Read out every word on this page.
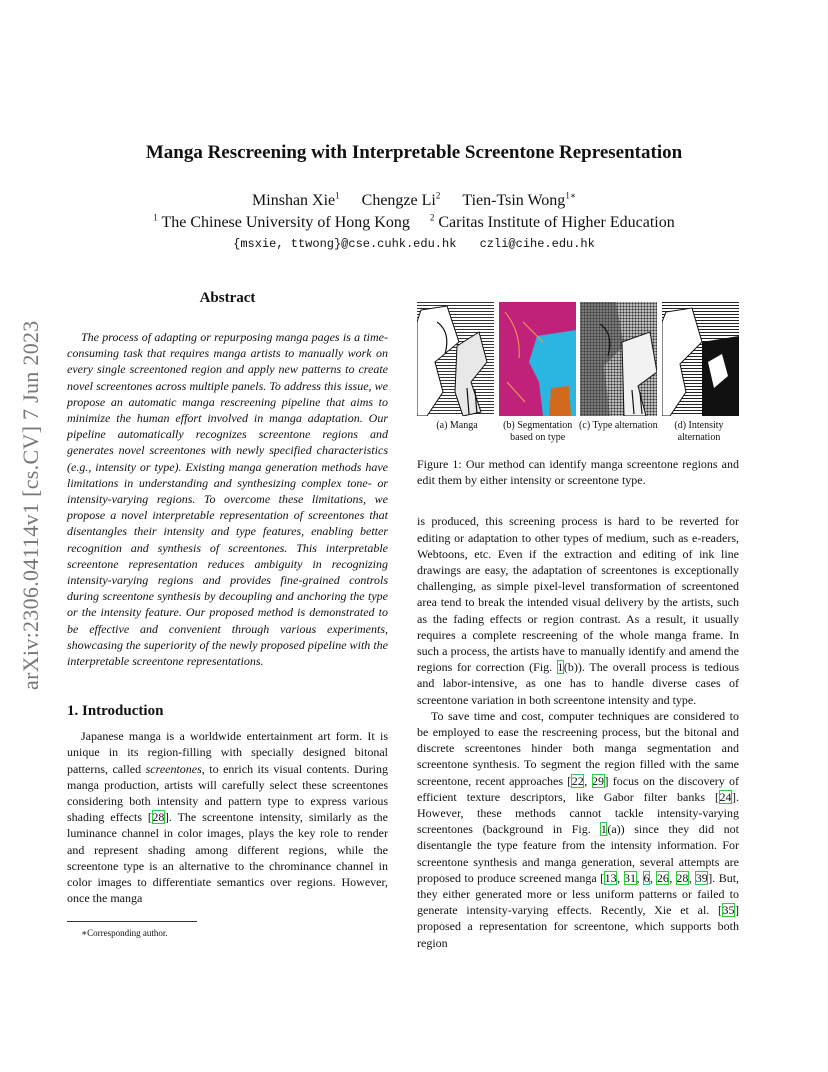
arXiv:2306.04114v1 [cs.CV] 7 Jun 2023
Manga Rescreening with Interpretable Screentone Representation
Minshan Xie$^1$ Chengze Li$^2$ Tien-Tsin Wong$^{1∗}$
$^1$ The Chinese University of Hong Kong $^2$ Caritas Institute of Higher Education
{msxie, ttwong}@cse.cuhk.edu.hk czli@cihe.edu.hk
Abstract

The process of adapting or repurposing manga pages is a time-consuming task that requires manga artists to manually work on every single screentoned region and apply new patterns to create novel screentones across multiple panels. To address this issue, we propose an automatic manga rescreening pipeline that aims to minimize the human effort involved in manga adaptation. Our pipeline automatically recognizes screentone regions and generates novel screentones with newly specified characteristics (e.g., intensity or type). Existing manga generation methods have limitations in understanding and synthesizing complex tone- or intensity-varying regions. To overcome these limitations, we propose a novel interpretable representation of screentones that disentangles their intensity and type features, enabling better recognition and synthesis of screentones. This interpretable screentone representation reduces ambiguity in recognizing intensity-varying regions and provides fine-grained controls during screentone synthesis by decoupling and anchoring the type or the intensity feature. Our proposed method is demonstrated to be effective and convenient through various experiments, showcasing the superiority of the newly proposed pipeline with the interpretable screentone representations.

1. Introduction

Japanese manga is a worldwide entertainment art form. It is unique in its region-filling with specially designed bitonal patterns, called screentones, to enrich its visual contents. During manga production, artists will carefully select these screentones considering both intensity and pattern type to express various shading effects [28]. The screentone intensity, similarly as the luminance channel in color images, plays the key role to render and represent shading among different regions, while the screentone type is an alternative to the chrominance channel in color images to differentiate semantics over regions. However, once the manga

∗Corresponding author.
(a) Manga	(b) Segmentation based on type
(c) Type alternation	(d) Intensity alternation
Figure 1: Our method can identify manga screentone regions and edit them by either intensity or screentone type.

is produced, this screening process is hard to be reverted for editing or adaptation to other types of medium, such as e-readers, Webtoons, etc. Even if the extraction and editing of ink line drawings are easy, the adaptation of screentones is exceptionally challenging, as simple pixel-level transformation of screentoned area tend to break the intended visual delivery by the artists, such as the fading effects or region contrast. As a result, it usually requires a complete rescreening of the whole manga frame. In such a process, the artists have to manually identify and amend the regions for correction (Fig. 1(b)). The overall process is tedious and labor-intensive, as one has to handle diverse cases of screentone variation in both screentone intensity and type.

To save time and cost, computer techniques are considered to be employed to ease the rescreening process, but the bitonal and discrete screentones hinder both manga segmentation and screentone synthesis. To segment the region filled with the same screentone, recent approaches [22, 29] focus on the discovery of efficient texture descriptors, like Gabor filter banks [24]. However, these methods cannot tackle intensity-varying screentones (background in Fig. 1(a)) since they did not disentangle the type feature from the intensity information. For screentone synthesis and manga generation, several attempts are proposed to produce screened manga [13, 31, 6, 26, 28, 39]. But, they either generated more or less uniform patterns or failed to generate intensity-varying effects. Recently, Xie et al. [35] proposed a representation for screentone, which supports both region
